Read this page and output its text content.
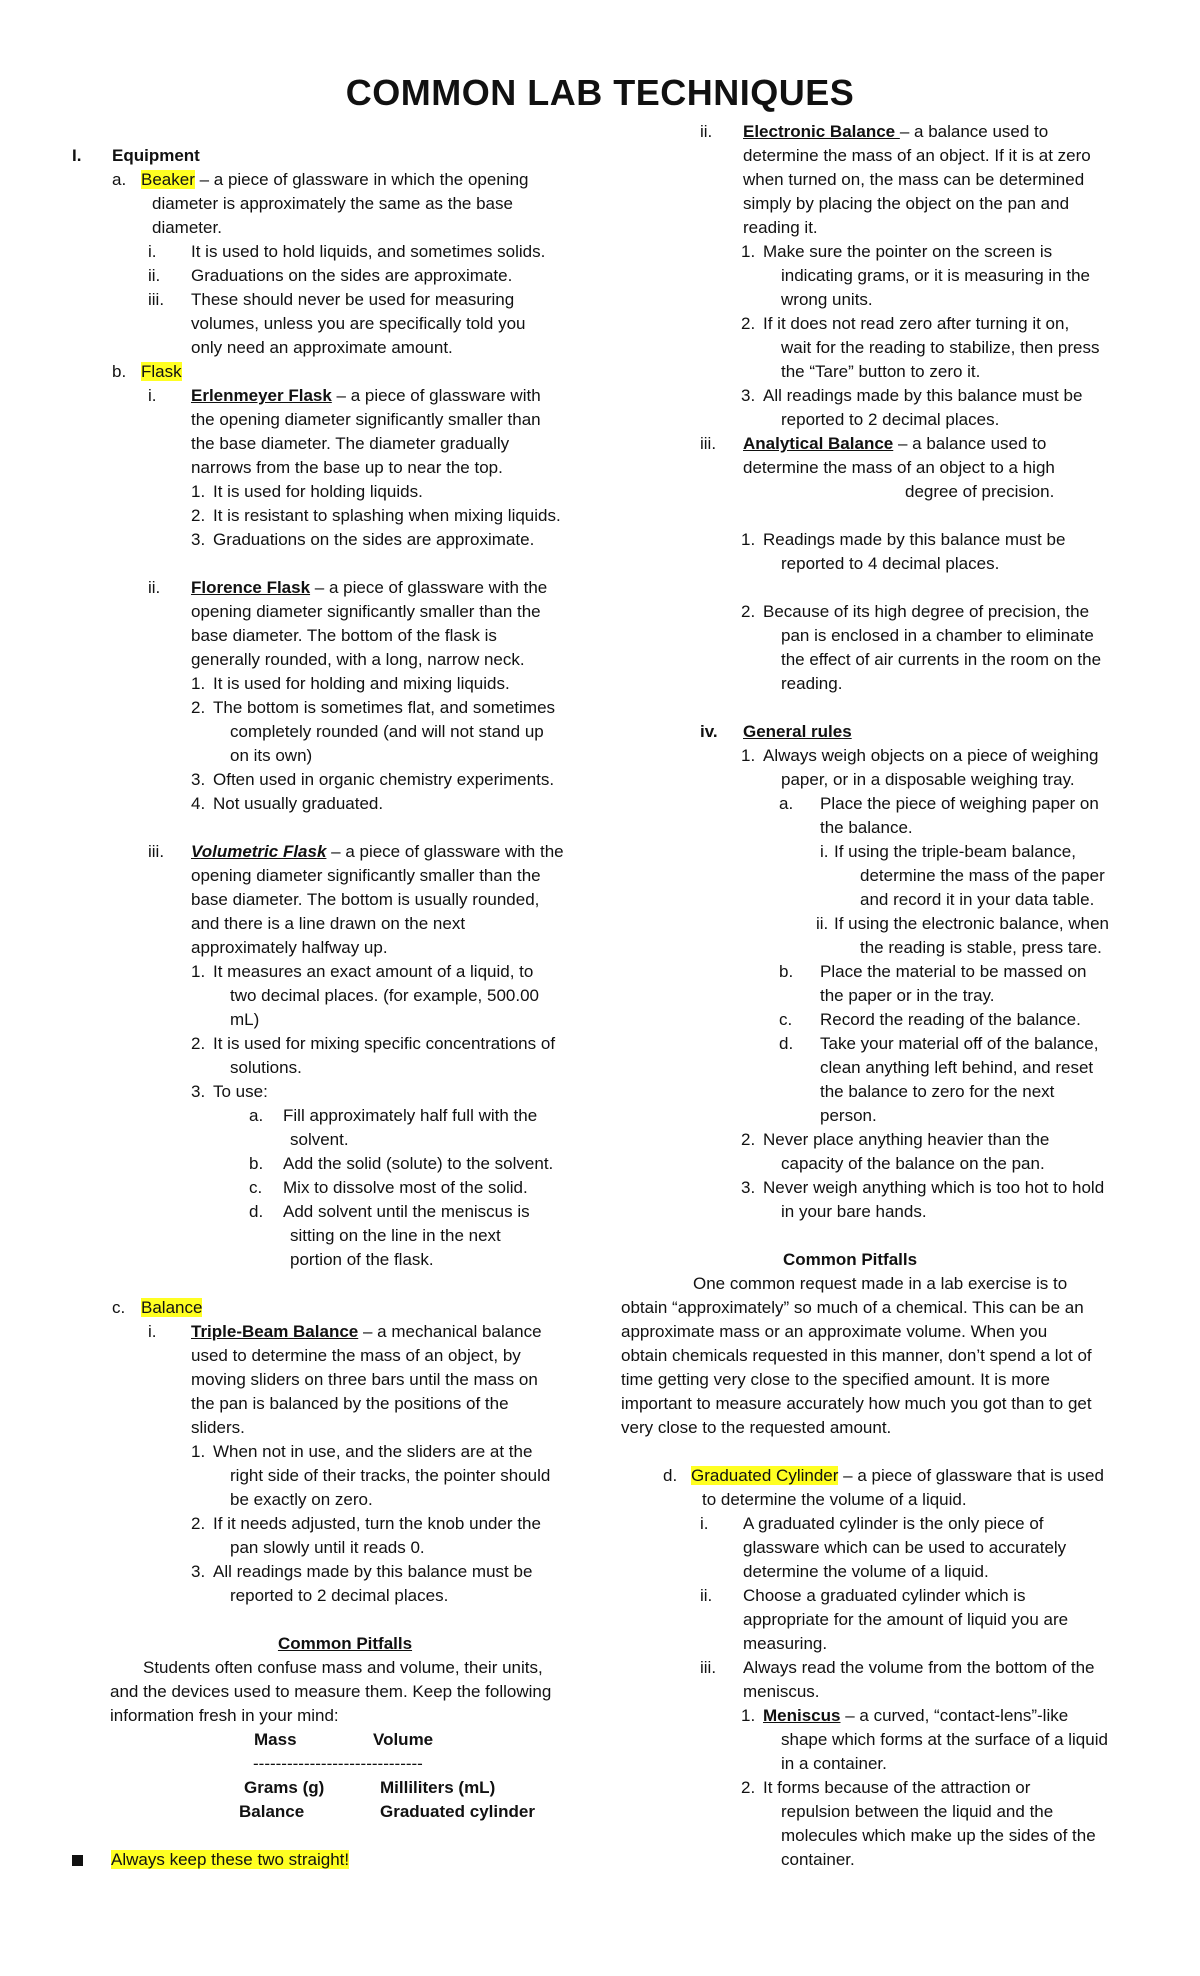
COMMON LAB TECHNIQUES
I. Equipment
a. Beaker – a piece of glassware in which the opening
diameter is approximately the same as the base
diameter.
i. It is used to hold liquids, and sometimes solids.
ii. Graduations on the sides are approximate.
iii. These should never be used for measuring
volumes, unless you are specifically told you
only need an approximate amount.
b. Flask
i. Erlenmeyer Flask – a piece of glassware with
the opening diameter significantly smaller than
the base diameter. The diameter gradually
narrows from the base up to near the top.
1. It is used for holding liquids.
2. It is resistant to splashing when mixing liquids.
3. Graduations on the sides are approximate.
ii. Florence Flask – a piece of glassware with the
opening diameter significantly smaller than the
base diameter. The bottom of the flask is
generally rounded, with a long, narrow neck.
1. It is used for holding and mixing liquids.
2. The bottom is sometimes flat, and sometimes
completely rounded (and will not stand up
on its own)
3. Often used in organic chemistry experiments.
4. Not usually graduated.
iii. Volumetric Flask – a piece of glassware with the
opening diameter significantly smaller than the
base diameter. The bottom is usually rounded,
and there is a line drawn on the next
approximately halfway up.
1. It measures an exact amount of a liquid, to
two decimal places. (for example, 500.00
mL)
2. It is used for mixing specific concentrations of
solutions.
3. To use:
a. Fill approximately half full with the
solvent.
b. Add the solid (solute) to the solvent.
c. Mix to dissolve most of the solid.
d. Add solvent until the meniscus is
sitting on the line in the next
portion of the flask.
c. Balance
i. Triple-Beam Balance – a mechanical balance
used to determine the mass of an object, by
moving sliders on three bars until the mass on
the pan is balanced by the positions of the
sliders.
1. When not in use, and the sliders are at the
right side of their tracks, the pointer should
be exactly on zero.
2. If it needs adjusted, turn the knob under the
pan slowly until it reads 0.
3. All readings made by this balance must be
reported to 2 decimal places.
Common Pitfalls
Students often confuse mass and volume, their units,
and the devices used to measure them. Keep the following
information fresh in your mind:
Mass	Volume
------------------------------
Grams (g)	Milliliters (mL)
Balance	Graduated cylinder
Always keep these two straight!
ii. Electronic Balance – a balance used to
determine the mass of an object. If it is at zero
when turned on, the mass can be determined
simply by placing the object on the pan and
reading it.
1. Make sure the pointer on the screen is
indicating grams, or it is measuring in the
wrong units.
2. If it does not read zero after turning it on,
wait for the reading to stabilize, then press
the “Tare” button to zero it.
3. All readings made by this balance must be
reported to 2 decimal places.
iii. Analytical Balance – a balance used to
determine the mass of an object to a high
degree of precision.
1. Readings made by this balance must be
reported to 4 decimal places.
2. Because of its high degree of precision, the
pan is enclosed in a chamber to eliminate
the effect of air currents in the room on the
reading.
iv. General rules
1. Always weigh objects on a piece of weighing
paper, or in a disposable weighing tray.
a. Place the piece of weighing paper on
the balance.
i. If using the triple-beam balance,
determine the mass of the paper
and record it in your data table.
ii. If using the electronic balance, when
the reading is stable, press tare.
b. Place the material to be massed on
the paper or in the tray.
c. Record the reading of the balance.
d. Take your material off of the balance,
clean anything left behind, and reset
the balance to zero for the next
person.
2. Never place anything heavier than the
capacity of the balance on the pan.
3. Never weigh anything which is too hot to hold
in your bare hands.
Common Pitfalls
One common request made in a lab exercise is to
obtain “approximately” so much of a chemical. This can be an
approximate mass or an approximate volume. When you
obtain chemicals requested in this manner, don’t spend a lot of
time getting very close to the specified amount. It is more
important to measure accurately how much you got than to get
very close to the requested amount.
d. Graduated Cylinder – a piece of glassware that is used
to determine the volume of a liquid.
i. A graduated cylinder is the only piece of
glassware which can be used to accurately
determine the volume of a liquid.
ii. Choose a graduated cylinder which is
appropriate for the amount of liquid you are
measuring.
iii. Always read the volume from the bottom of the
meniscus.
1. Meniscus – a curved, “contact-lens”-like
shape which forms at the surface of a liquid
in a container.
2. It forms because of the attraction or
repulsion between the liquid and the
molecules which make up the sides of the
container.
